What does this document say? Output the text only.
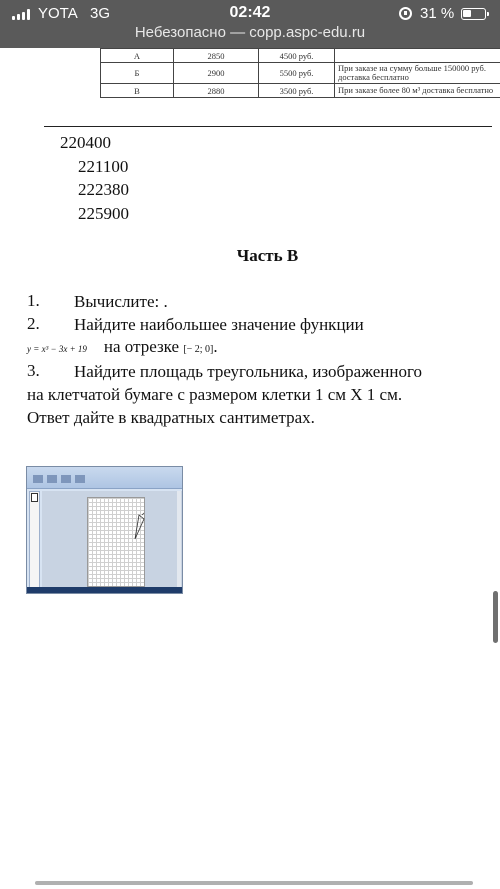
YOTA 3G	02:42	31 %
Небезопасно — copp.aspc-edu.ru
А	2850	4500 руб.	
Б	2900	5500 руб.	При заказе на сумму больше 150000 руб. доставка бесплатно
В	2880	3500 руб.	При заказе более 80 м³ доставка бесплатно
220400
221100
222380
225900
Часть В
1. Вычислите: .
2. Найдите наибольшее значение функции
y = x³ − 3x + 19 на отрезке [− 2; 0].
3. Найдите площадь треугольника, изображенного
на клетчатой бумаге с размером клетки 1 см Х 1 см.
Ответ дайте в квадратных сантиметрах.
